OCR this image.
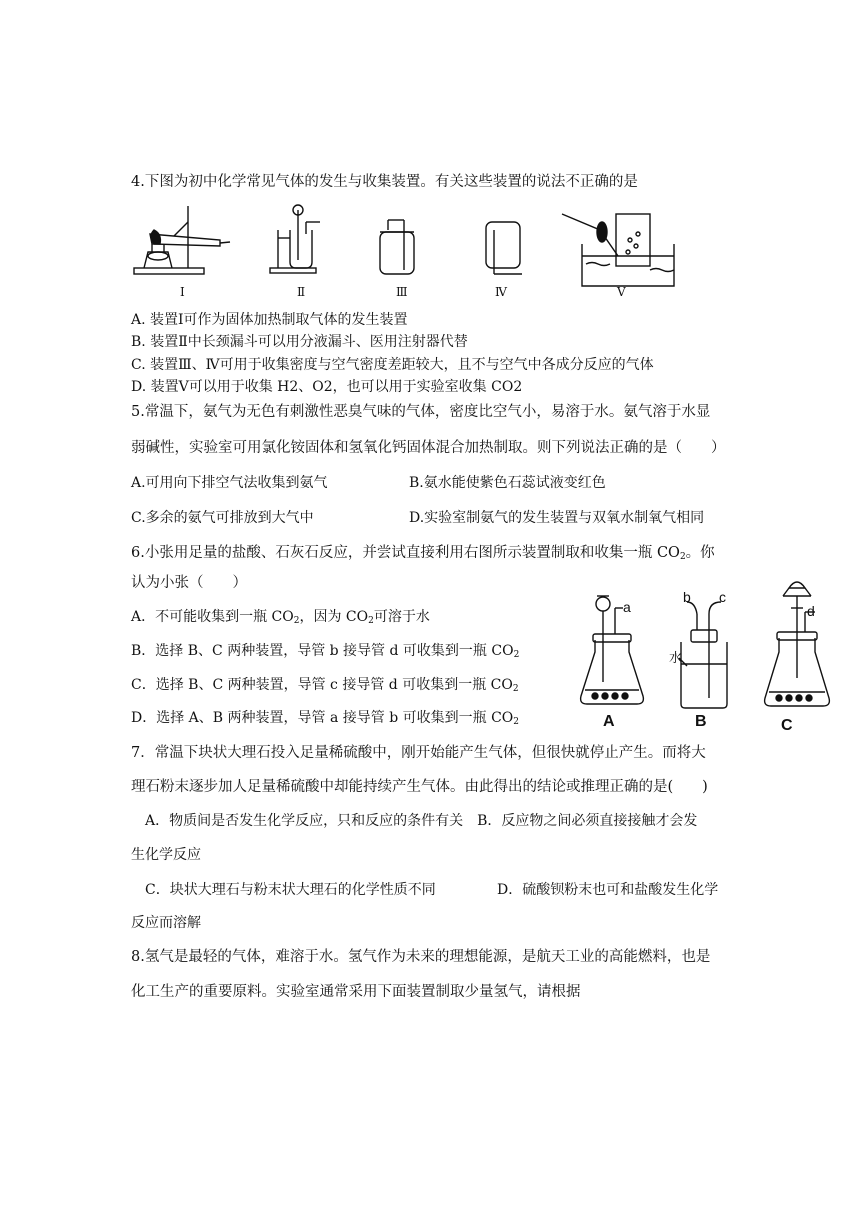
4.下图为初中化学常见气体的发生与收集装置。有关这些装置的说法不正确的是
Ⅰ	Ⅱ	Ⅲ	Ⅳ	Ⅴ
A. 装置Ⅰ可作为固体加热制取气体的发生装置
B. 装置Ⅱ中长颈漏斗可以用分液漏斗、医用注射器代替
C. 装置Ⅲ、Ⅳ可用于收集密度与空气密度差距较大，且不与空气中各成分反应的气体
D. 装置Ⅴ可以用于收集 H2、O2，也可以用于实验室收集 CO2
5.常温下，氨气为无色有刺激性恶臭气味的气体，密度比空气小，易溶于水。氨气溶于水显
弱碱性，实验室可用氯化铵固体和氢氧化钙固体混合加热制取。则下列说法正确的是（　　）
A.可用向下排空气法收集到氨气	B.氨水能使紫色石蕊试液变红色
C.多余的氨气可排放到大气中	D.实验室制氨气的发生装置与双氧水制氧气相同
6.小张用足量的盐酸、石灰石反应，并尝试直接利用右图所示装置制取和收集一瓶 $CO_2$。你
认为小张（　　）
A．不可能收集到一瓶 $CO_2$，因为 $CO_2$可溶于水
B．选择 B、C 两种装置，导管 b 接导管 d 可收集到一瓶 $CO_2$
C．选择 B、C 两种装置，导管 c 接导管 d 可收集到一瓶 $CO_2$
D．选择 A、B 两种装置，导管 a 接导管 b 可收集到一瓶 $CO_2$
a
A
b c
水
B
d
C
7．常温下块状大理石投入足量稀硫酸中，刚开始能产生气体，但很快就停止产生。而将大
理石粉末逐步加人足量稀硫酸中却能持续产生气体。由此得出的结论或推理正确的是(　　)
A．物质间是否发生化学反应，只和反应的条件有关　B．反应物之间必须直接接触才会发
生化学反应
C．块状大理石与粉末状大理石的化学性质不同	D．硫酸钡粉末也可和盐酸发生化学
反应而溶解
8.氢气是最轻的气体，难溶于水。氢气作为未来的理想能源，是航天工业的高能燃料，也是
化工生产的重要原料。实验室通常采用下面装置制取少量氢气，请根据
